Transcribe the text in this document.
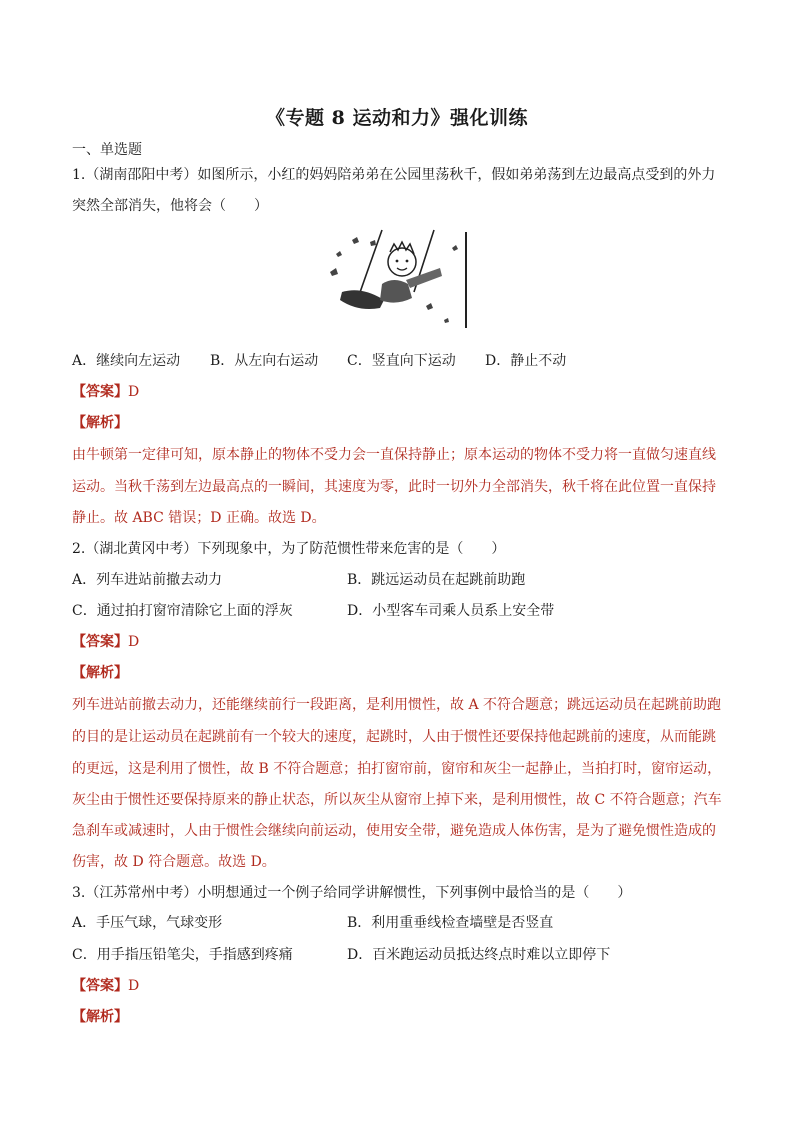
《专题 8 运动和力》强化训练
一、单选题
1.（湖南邵阳中考）如图所示，小红的妈妈陪弟弟在公园里荡秋千，假如弟弟荡到左边最高点受到的外力
突然全部消失，他将会（　　）
A．继续向左运动 B．从左向右运动 C．竖直向下运动 D．静止不动
【答案】D
【解析】
由牛顿第一定律可知，原本静止的物体不受力会一直保持静止；原本运动的物体不受力将一直做匀速直线
运动。当秋千荡到左边最高点的一瞬间，其速度为零，此时一切外力全部消失，秋千将在此位置一直保持
静止。故 ABC 错误；D 正确。故选 D。
2.（湖北黄冈中考）下列现象中，为了防范惯性带来危害的是（　　）
A．列车进站前撤去动力	B．跳远运动员在起跳前助跑
C．通过拍打窗帘清除它上面的浮灰	D．小型客车司乘人员系上安全带
【答案】D
【解析】
列车进站前撤去动力，还能继续前行一段距离，是利用惯性，故 A 不符合题意；跳远运动员在起跳前助跑
的目的是让运动员在起跳前有一个较大的速度，起跳时，人由于惯性还要保持他起跳前的速度，从而能跳
的更远，这是利用了惯性，故 B 不符合题意；拍打窗帘前，窗帘和灰尘一起静止，当拍打时，窗帘运动，
灰尘由于惯性还要保持原来的静止状态，所以灰尘从窗帘上掉下来，是利用惯性，故 C 不符合题意；汽车
急刹车或减速时，人由于惯性会继续向前运动，使用安全带，避免造成人体伤害，是为了避免惯性造成的
伤害，故 D 符合题意。故选 D。
3.（江苏常州中考）小明想通过一个例子给同学讲解惯性，下列事例中最恰当的是（　　）
A．手压气球，气球变形	B．利用重垂线检查墙壁是否竖直
C．用手指压铅笔尖，手指感到疼痛	D．百米跑运动员抵达终点时难以立即停下
【答案】D
【解析】
